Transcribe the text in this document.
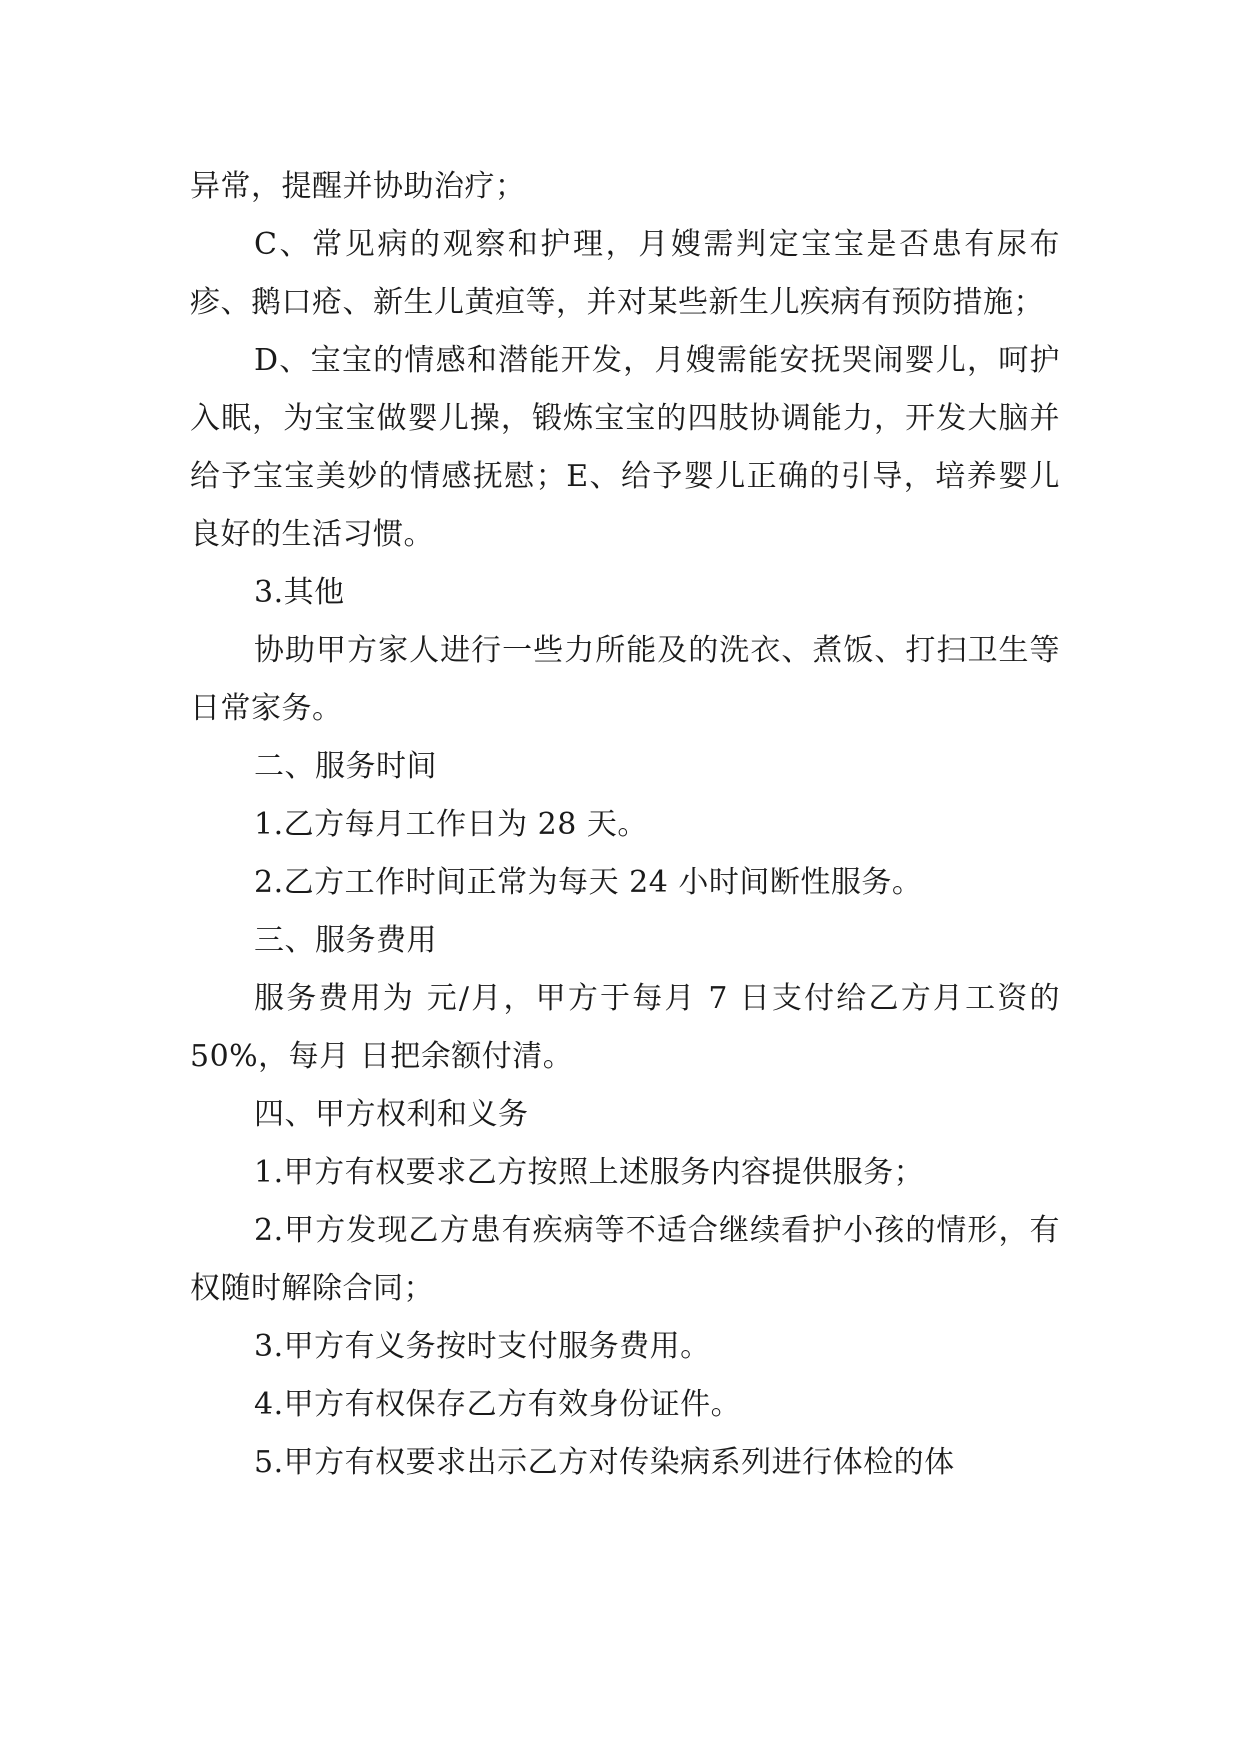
异常，提醒并协助治疗；

C、常见病的观察和护理，月嫂需判定宝宝是否患有尿布疹、鹅口疮、新生儿黄疸等，并对某些新生儿疾病有预防措施；

D、宝宝的情感和潜能开发，月嫂需能安抚哭闹婴儿，呵护入眠，为宝宝做婴儿操，锻炼宝宝的四肢协调能力，开发大脑并给予宝宝美妙的情感抚慰；E、给予婴儿正确的引导，培养婴儿良好的生活习惯。

3.其他

协助甲方家人进行一些力所能及的洗衣、煮饭、打扫卫生等日常家务。

二、服务时间

1.乙方每月工作日为 28 天。

2.乙方工作时间正常为每天 24 小时间断性服务。

三、服务费用

服务费用为 元/月，甲方于每月 7 日支付给乙方月工资的 50%，每月 日把余额付清。

四、甲方权利和义务

1.甲方有权要求乙方按照上述服务内容提供服务；

2.甲方发现乙方患有疾病等不适合继续看护小孩的情形，有权随时解除合同；

3.甲方有义务按时支付服务费用。

4.甲方有权保存乙方有效身份证件。

5.甲方有权要求出示乙方对传染病系列进行体检的体
